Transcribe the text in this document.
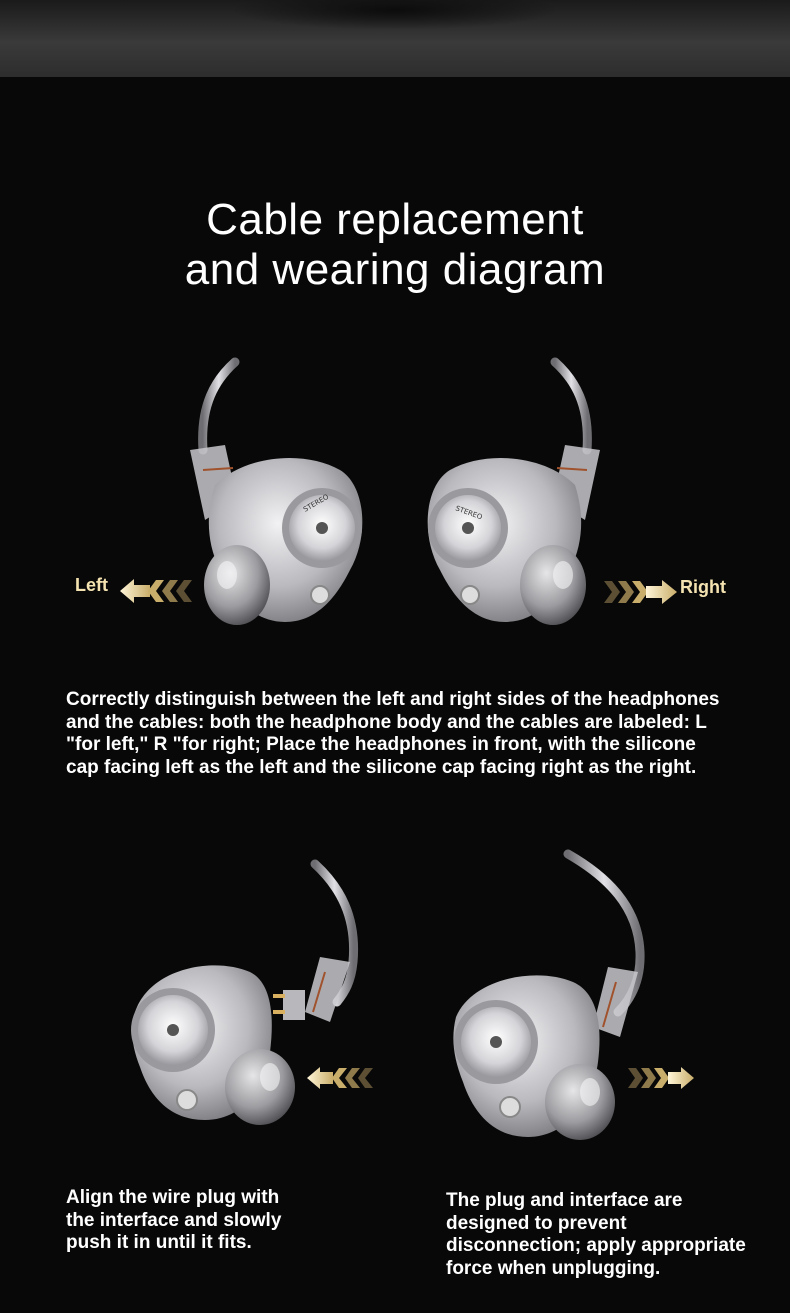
Cable replacement
and wearing diagram
STEREO	STEREO
Left	Right
Correctly distinguish between the left and right sides of the headphones and the cables: both the headphone body and the cables are labeled: L "for left," R "for right; Place the headphones in front, with the silicone cap facing left as the left and the silicone cap facing right as the right.
Align the wire plug with the interface and slowly push it in until it fits.
The plug and interface are designed to prevent disconnection; apply appropriate force when unplugging.
